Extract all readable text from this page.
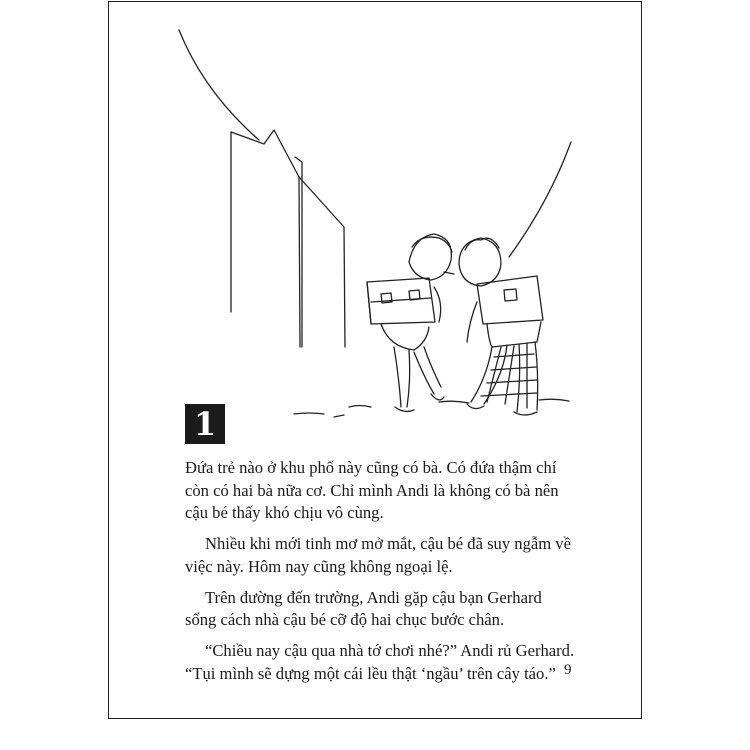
1

Đứa trẻ nào ở khu phố này cũng có bà. Có đứa thậm chí
còn có hai bà nữa cơ. Chỉ mình Andi là không có bà nên
cậu bé thấy khó chịu vô cùng.

Nhiều khi mới tinh mơ mở mắt, cậu bé đã suy ngẫm về
việc này. Hôm nay cũng không ngoại lệ.

Trên đường đến trường, Andi gặp cậu bạn Gerhard
sống cách nhà cậu bé cỡ độ hai chục bước chân.

“Chiều nay cậu qua nhà tớ chơi nhé?” Andi rủ Gerhard.
“Tụi mình sẽ dựng một cái lều thật ‘ngầu’ trên cây táo.” 9
